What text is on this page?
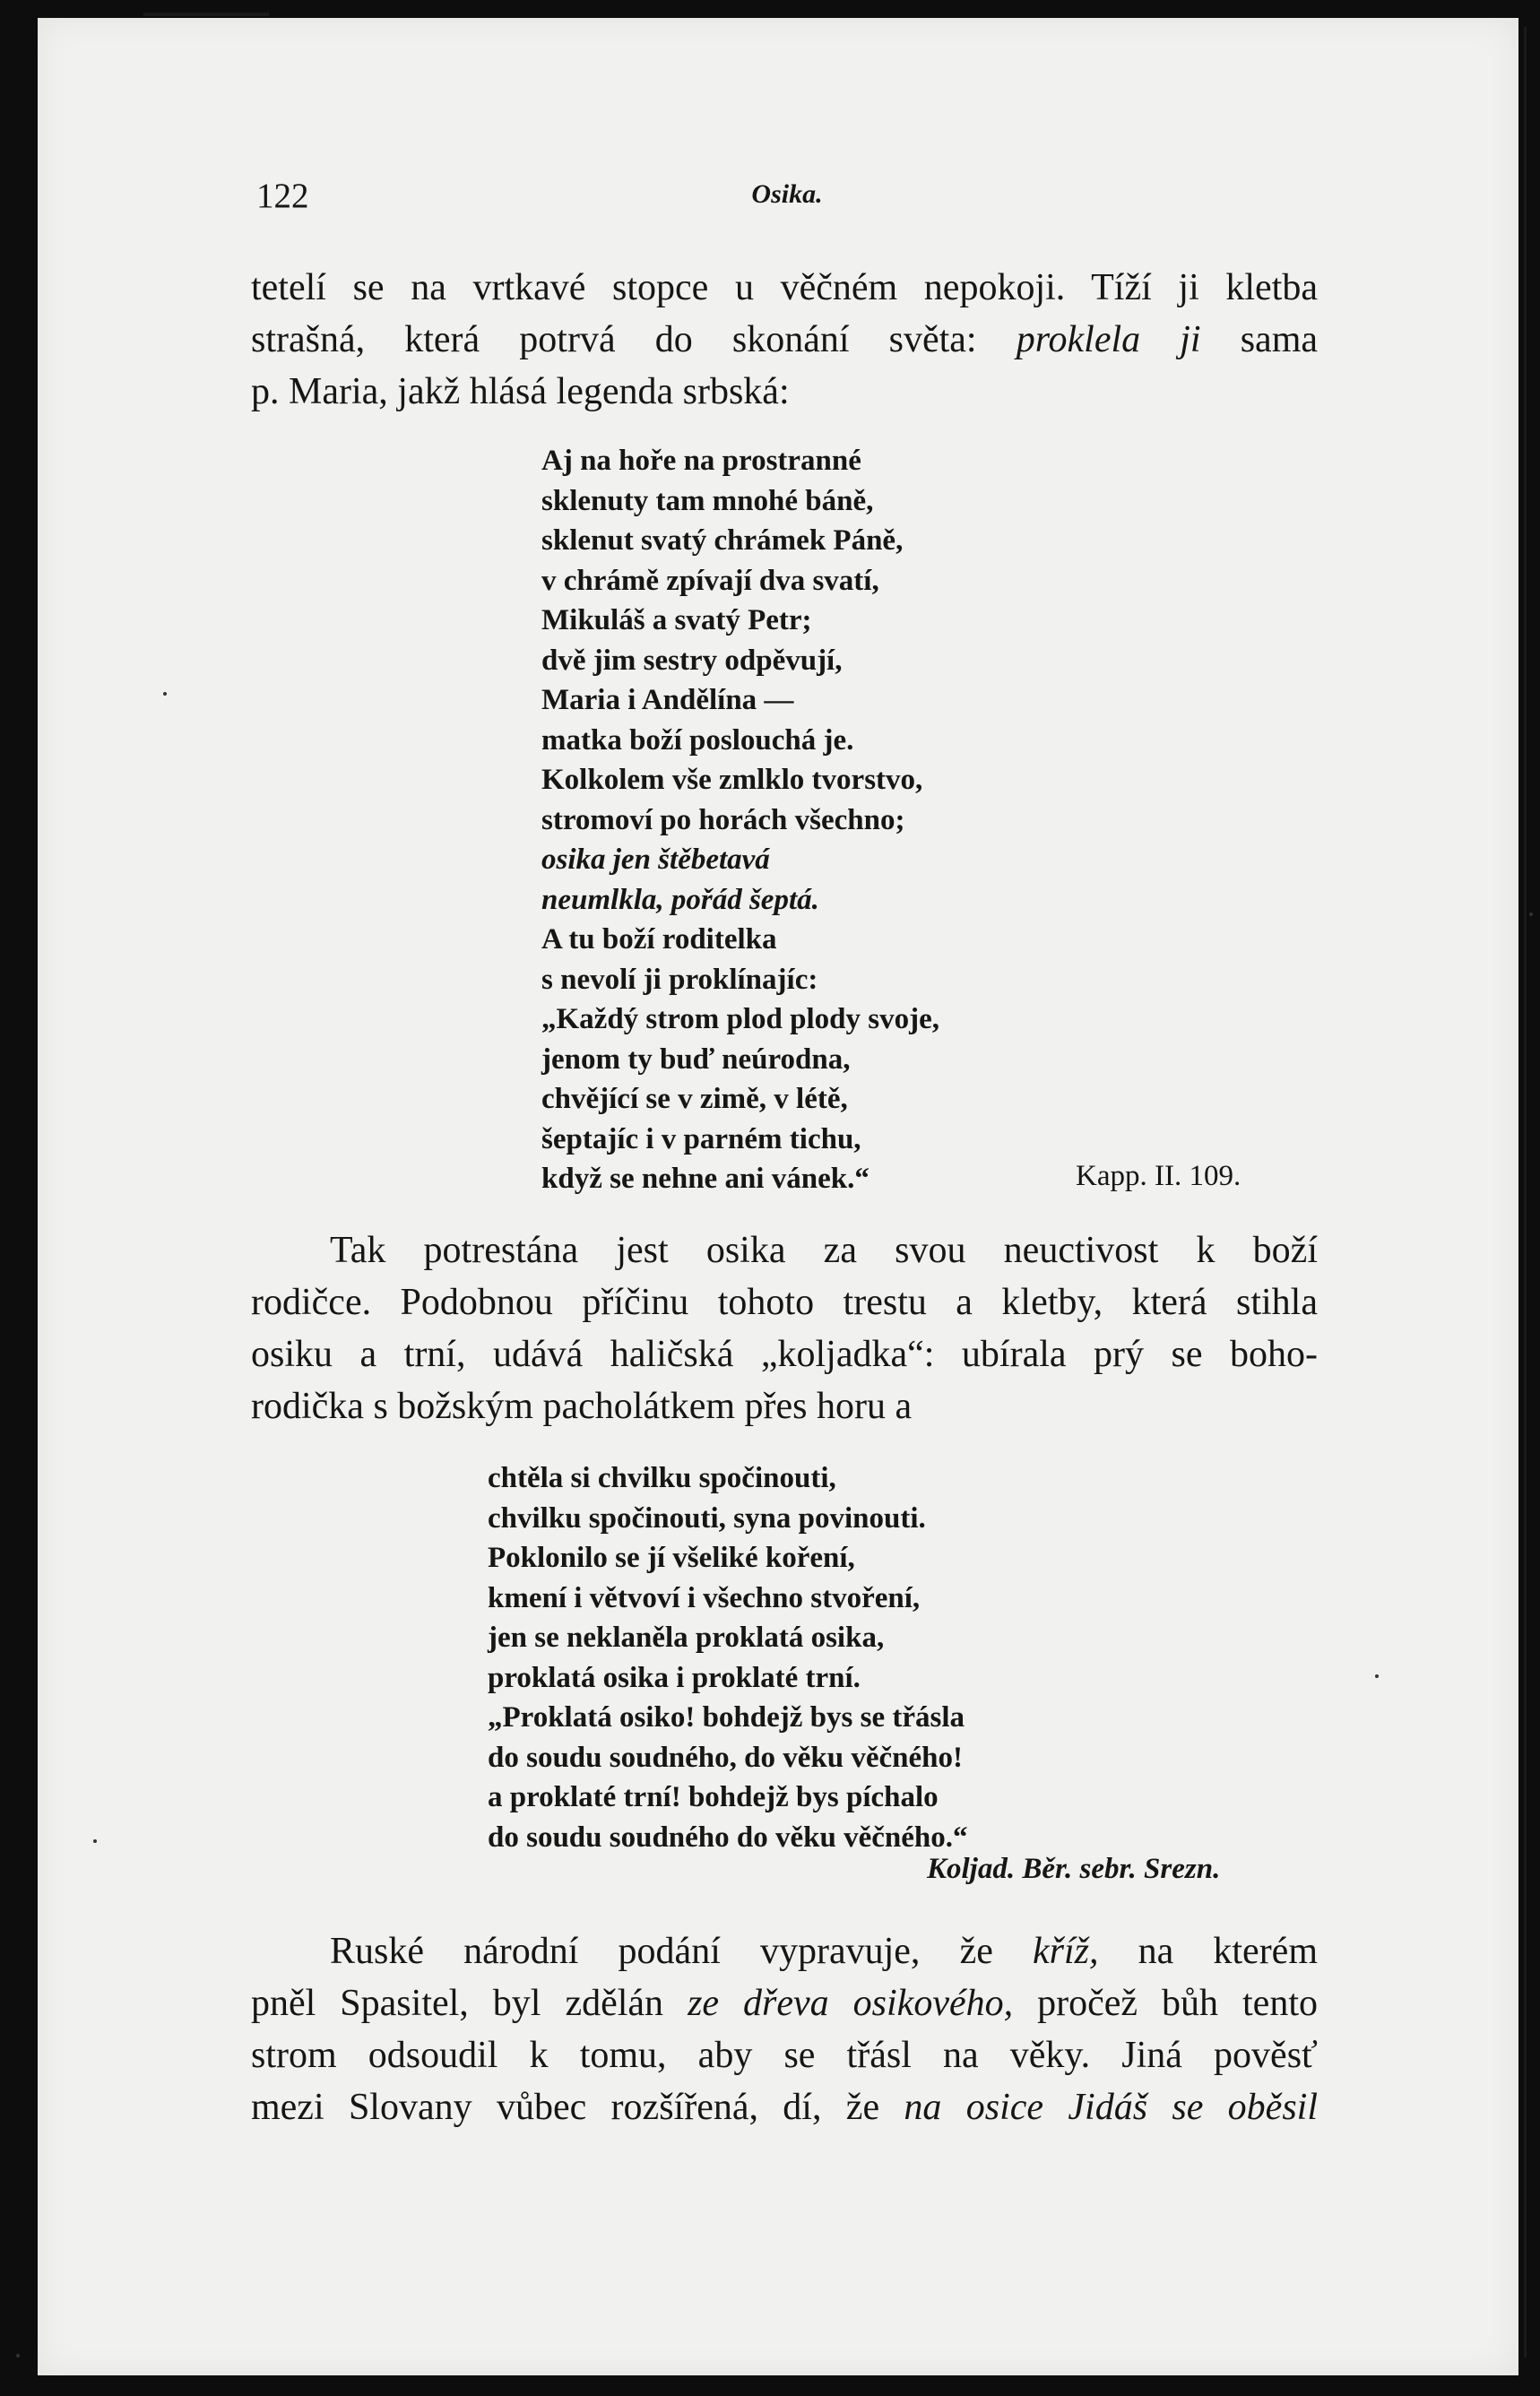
122	Osika.

tetelí se na vrtkavé stopce u věčném nepokoji. Tíží ji kletba
strašná, která potrvá do skonání světa: proklela ji sama
p. Maria, jakž hlásá legenda srbská:

Aj na hoře na prostranné
sklenuty tam mnohé báně,
sklenut svatý chrámek Páně,
v chrámě zpívají dva svatí,
Mikuláš a svatý Petr;
dvě jim sestry odpěvují,
Maria i Andělína —
matka boží poslouchá je.
Kolkolem vše zmlklo tvorstvo,
stromoví po horách všechno;
osika jen štěbetavá
neumlkla, pořád šeptá.
A tu boží roditelka
s nevolí ji proklínajíc:
„Každý strom plod plody svoje,
jenom ty buď neúrodna,
chvějící se v zimě, v létě,
šeptajíc i v parném tichu,
když se nehne ani vánek.“	Kapp. II. 109.

Tak potrestána jest osika za svou neuctivost k boží
rodičce. Podobnou příčinu tohoto trestu a kletby, která stihla
osiku a trní, udává haličská „koljadka“: ubírala prý se boho-
rodička s božským pacholátkem přes horu a

chtěla si chvilku spočinouti,
chvilku spočinouti, syna povinouti.
Poklonilo se jí všeliké koření,
kmení i větvoví i všechno stvoření,
jen se neklaněla proklatá osika,
proklatá osika i proklaté trní.
„Proklatá osiko! bohdejž bys se třásla
do soudu soudného, do věku věčného!
a proklaté trní! bohdejž bys píchalo
do soudu soudného do věku věčného.“
Koljad. Běr. sebr. Srezn.

Ruské národní podání vypravuje, že kříž, na kterém
pněl Spasitel, byl zdělán ze dřeva osikového, pročež bůh tento
strom odsoudil k tomu, aby se třásl na věky. Jiná pověsť
mezi Slovany vůbec rozšířená, dí, že na osice Jidáš se oběsil
